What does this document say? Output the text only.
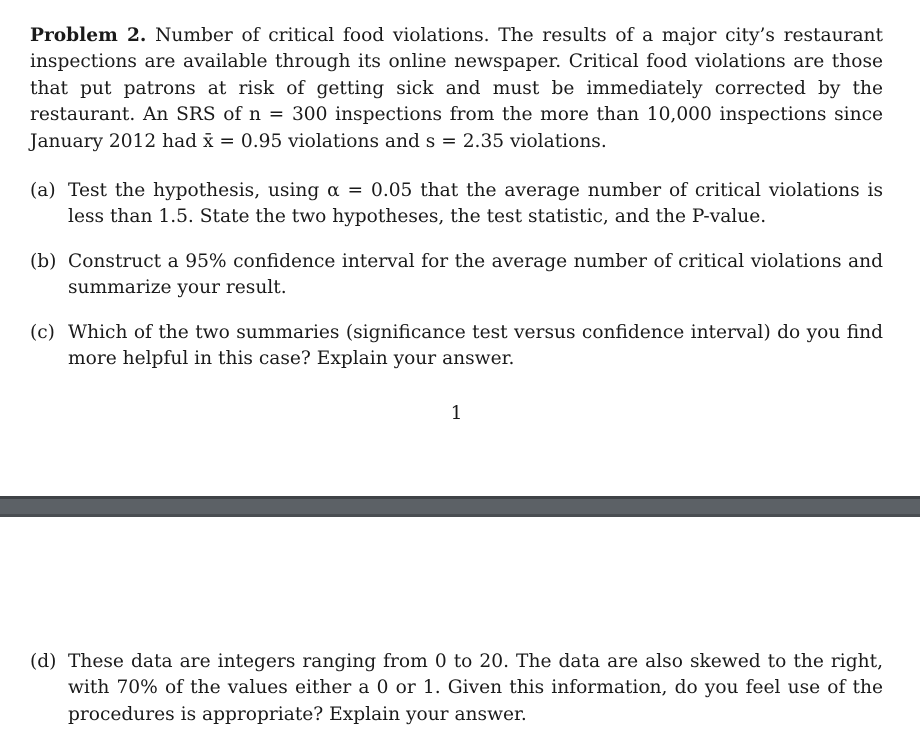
Problem 2. Number of critical food violations. The results of a major city’s restaurant inspections are available through its online newspaper. Critical food violations are those that put patrons at risk of getting sick and must be immediately corrected by the restaurant. An SRS of n = 300 inspections from the more than 10,000 inspections since January 2012 had x̄ = 0.95 violations and s = 2.35 violations.
(a) Test the hypothesis, using α = 0.05 that the average number of critical violations is less than 1.5. State the two hypotheses, the test statistic, and the P-value.
(b) Construct a 95% confidence interval for the average number of critical violations and summarize your result.
(c) Which of the two summaries (significance test versus confidence interval) do you find more helpful in this case? Explain your answer.
1
(d) These data are integers ranging from 0 to 20. The data are also skewed to the right, with 70% of the values either a 0 or 1. Given this information, do you feel use of the procedures is appropriate? Explain your answer.
